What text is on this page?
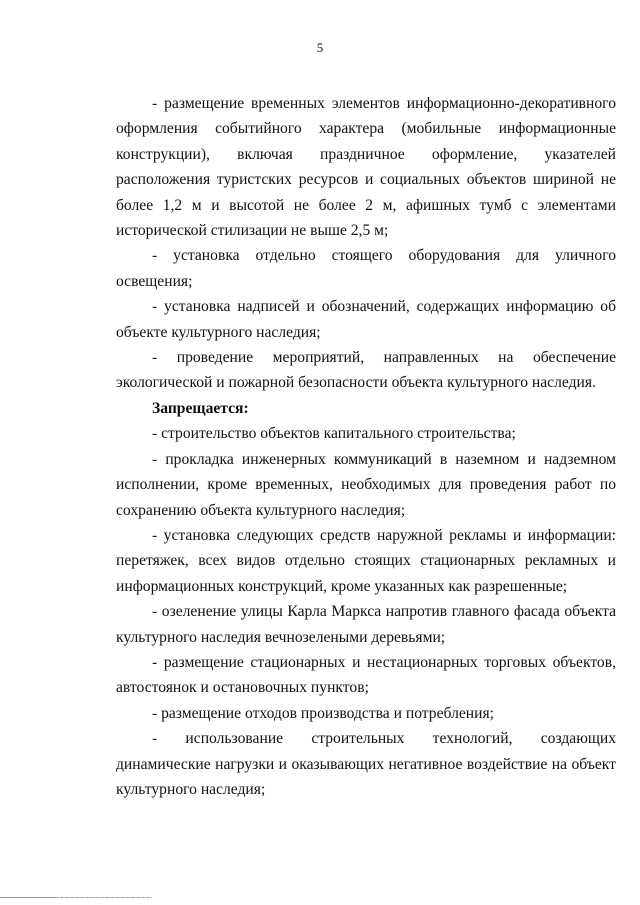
5

- размещение временных элементов информационно-декоративного оформления событийного характера (мобильные информационные конструкции), включая праздничное оформление, указателей расположения туристских ресурсов и социальных объектов шириной не более 1,2 м и высотой не более 2 м, афишных тумб с элементами исторической стилизации не выше 2,5 м;

- установка отдельно стоящего оборудования для уличного освещения;

- установка надписей и обозначений, содержащих информацию об объекте культурного наследия;

- проведение мероприятий, направленных на обеспечение экологической и пожарной безопасности объекта культурного наследия.

Запрещается:

- строительство объектов капитального строительства;

- прокладка инженерных коммуникаций в наземном и надземном исполнении, кроме временных, необходимых для проведения работ по сохранению объекта культурного наследия;

- установка следующих средств наружной рекламы и информации: перетяжек, всех видов отдельно стоящих стационарных рекламных и информационных конструкций, кроме указанных как разрешенные;

- озеленение улицы Карла Маркса напротив главного фасада объекта культурного наследия вечнозелеными деревьями;

- размещение стационарных и нестационарных торговых объектов, автостоянок и остановочных пунктов;

- размещение отходов производства и потребления;

- использование строительных технологий, создающих динамические нагрузки и оказывающих негативное воздействие на объект культурного наследия;
